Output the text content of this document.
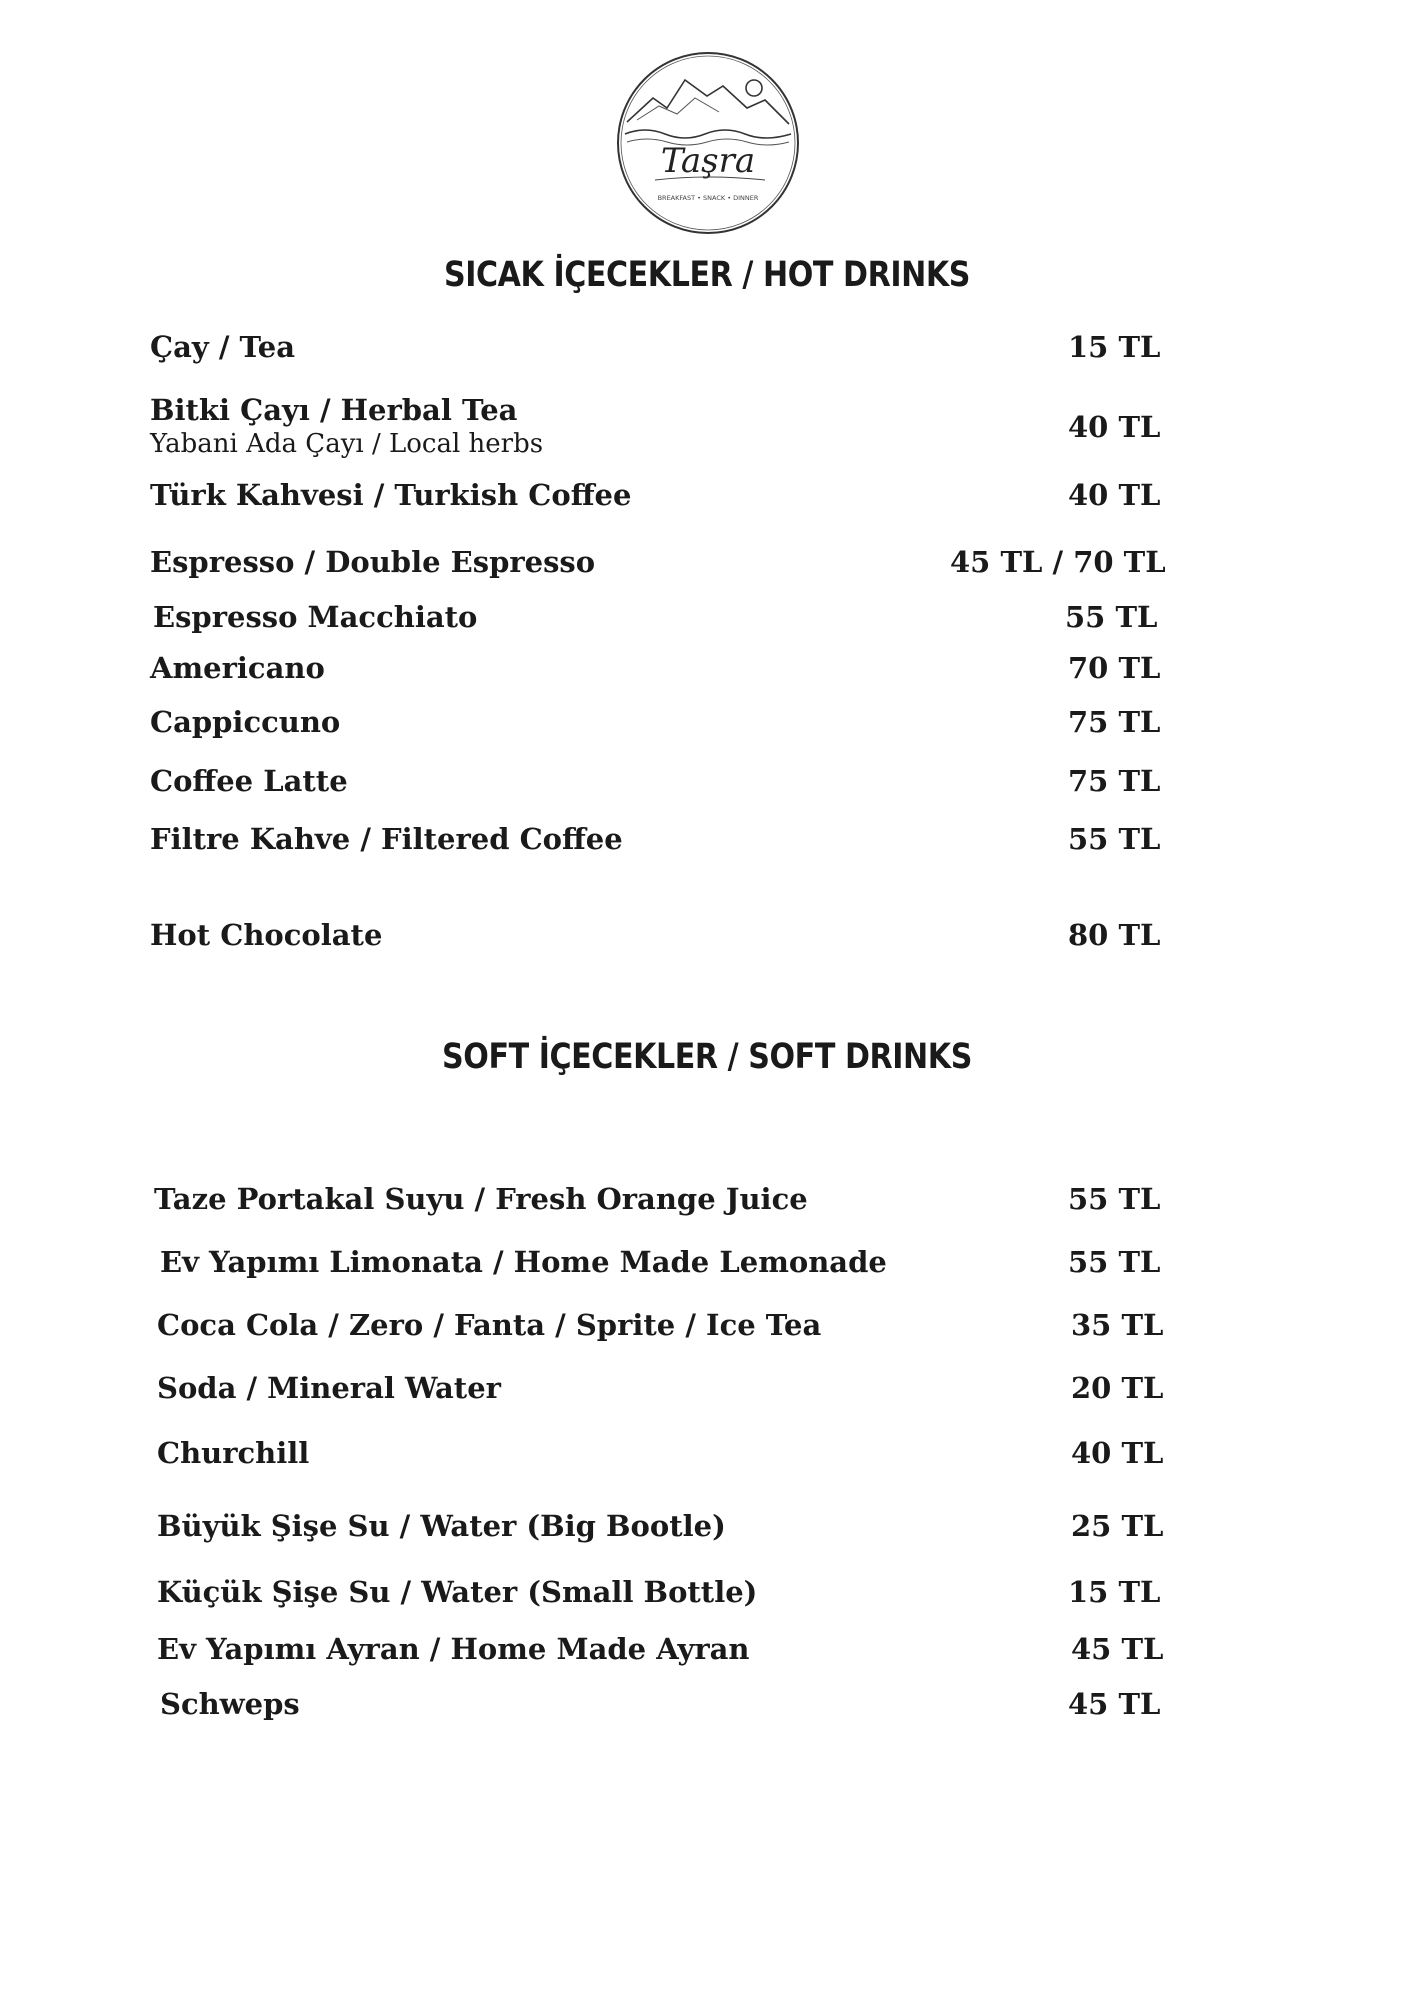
Taşra
BREAKFAST • SNACK • DINNER
SICAK İÇECEKLER / HOT DRINKS
Çay / Tea	15 TL
Bitki Çayı / Herbal Tea
Yabani Ada Çayı / Local herbs	40 TL
Türk Kahvesi / Turkish Coffee	40 TL
Espresso / Double Espresso	45 TL / 70 TL
Espresso Macchiato	55 TL
Americano	70 TL
Cappiccuno	75 TL
Coffee Latte	75 TL
Filtre Kahve / Filtered Coffee	55 TL
Hot Chocolate	80 TL
SOFT İÇECEKLER / SOFT DRINKS
Taze Portakal Suyu / Fresh Orange Juice	55 TL
Ev Yapımı Limonata / Home Made Lemonade	55 TL
Coca Cola / Zero / Fanta / Sprite / Ice Tea	35 TL
Soda / Mineral Water	20 TL
Churchill	40 TL
Büyük Şişe Su / Water (Big Bootle)	25 TL
Küçük Şişe Su / Water (Small Bottle)	15 TL
Ev Yapımı Ayran / Home Made Ayran	45 TL
Schweps	45 TL
